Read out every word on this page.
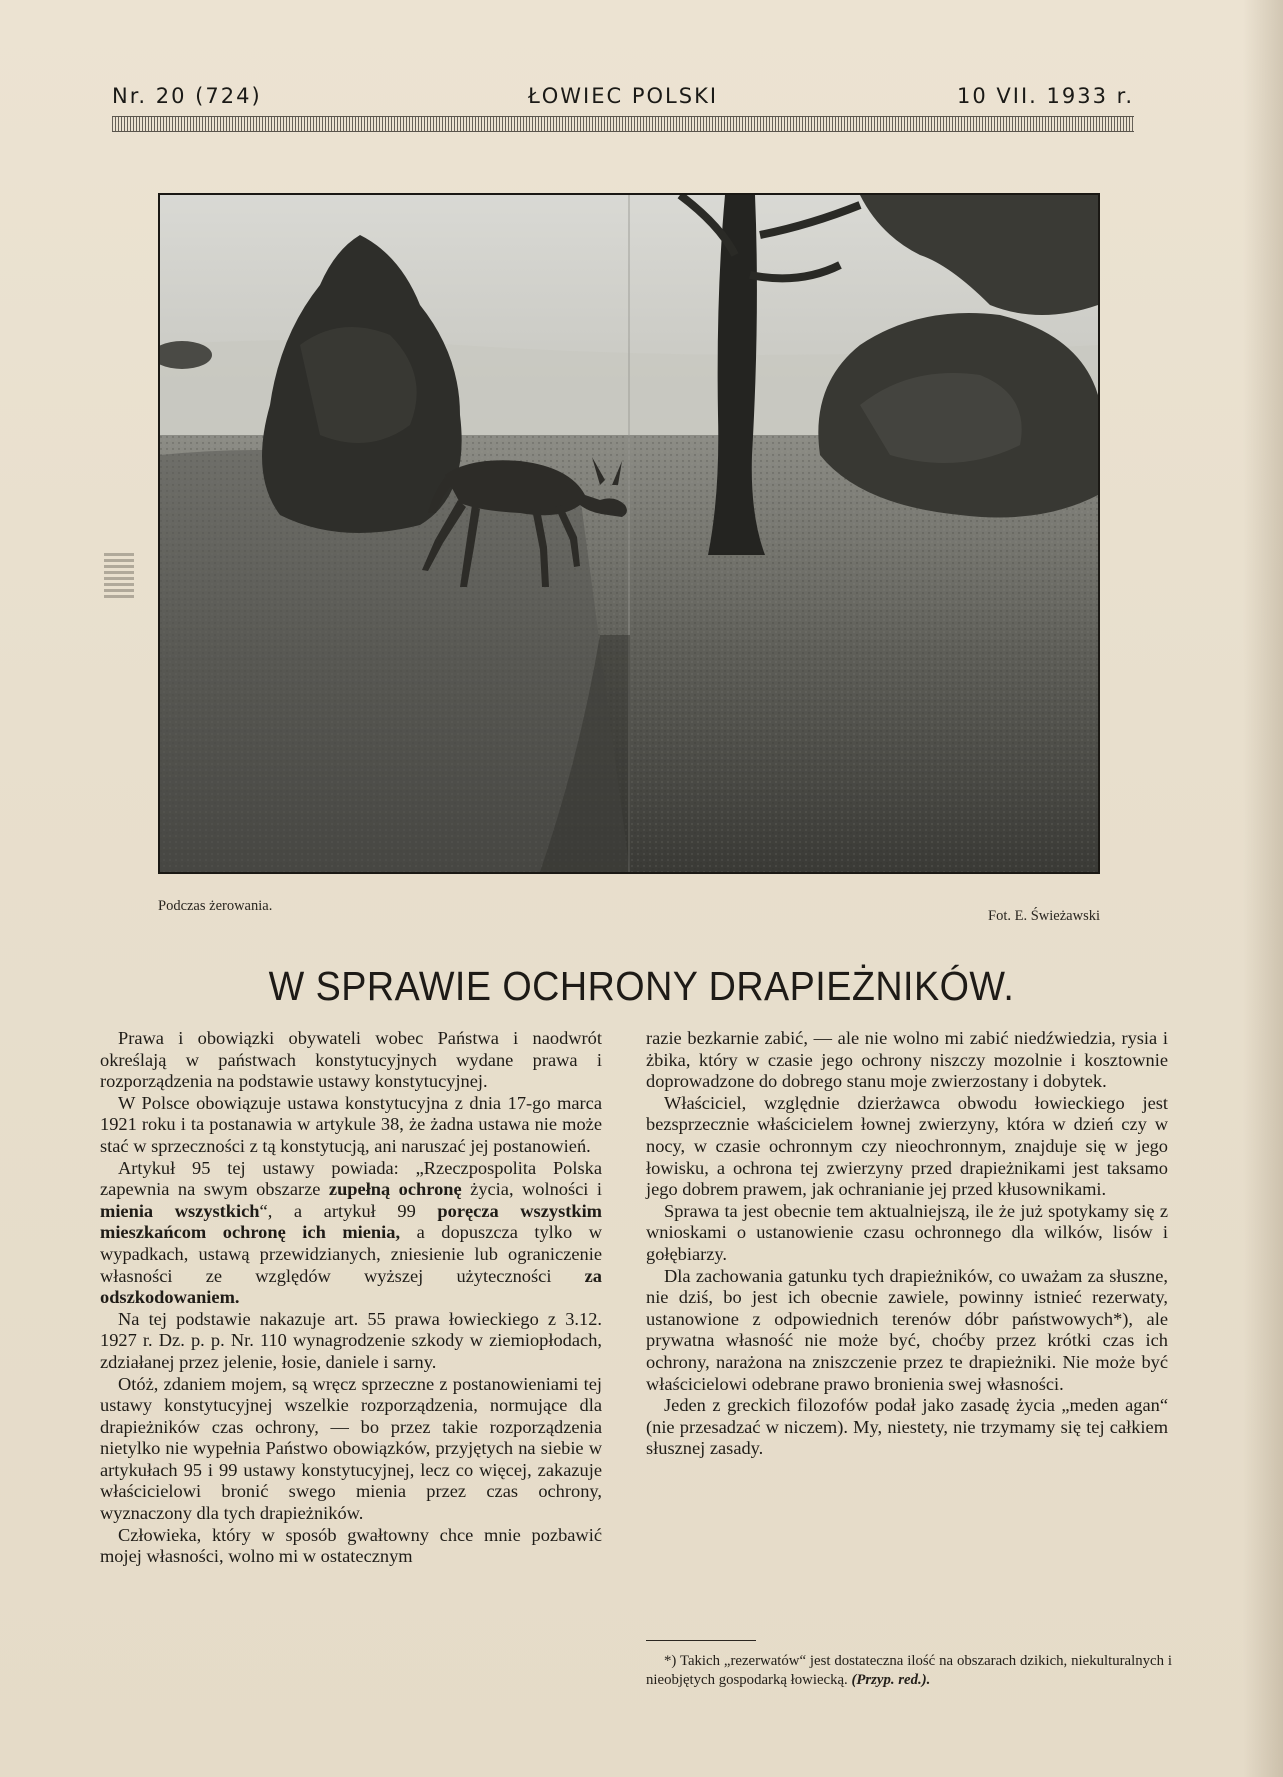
Nr. 20 (724)	ŁOWIEC POLSKI	10 VII. 1933 r.
Podczas żerowania.
Fot. E. Świeżawski
W SPRAWIE OCHRONY DRAPIEŻNIKÓW.

Prawa i obowiązki obywateli wobec Państwa i naodwrót określają w państwach konstytucyjnych wydane prawa i rozporządzenia na podstawie ustawy konstytucyjnej.

W Polsce obowiązuje ustawa konstytucyjna z dnia 17-go marca 1921 roku i ta postanawia w artykule 38, że żadna ustawa nie może stać w sprzeczności z tą konstytucją, ani naruszać jej postanowień.

Artykuł 95 tej ustawy powiada: „Rzeczpospolita Polska zapewnia na swym obszarze zupełną ochronę życia, wolności i mienia wszystkich“, a artykuł 99 poręcza wszystkim mieszkańcom ochronę ich mienia, a dopuszcza tylko w wypadkach, ustawą przewidzianych, zniesienie lub ograniczenie własności ze względów wyższej użyteczności za odszkodowaniem.

Na tej podstawie nakazuje art. 55 prawa łowieckiego z 3.12. 1927 r. Dz. p. p. Nr. 110 wynagrodzenie szkody w ziemiopłodach, zdziałanej przez jelenie, łosie, daniele i sarny.

Otóż, zdaniem mojem, są wręcz sprzeczne z postanowieniami tej ustawy konstytucyjnej wszelkie rozporządzenia, normujące dla drapieżników czas ochrony, — bo przez takie rozporządzenia nietylko nie wypełnia Państwo obowiązków, przyjętych na siebie w artykułach 95 i 99 ustawy konstytucyjnej, lecz co więcej, zakazuje właścicielowi bronić swego mienia przez czas ochrony, wyznaczony dla tych drapieżników.

Człowieka, który w sposób gwałtowny chce mnie pozbawić mojej własności, wolno mi w ostatecznym

razie bezkarnie zabić, — ale nie wolno mi zabić niedźwiedzia, rysia i żbika, który w czasie jego ochrony niszczy mozolnie i kosztownie doprowadzone do dobrego stanu moje zwierzostany i dobytek.

Właściciel, względnie dzierżawca obwodu łowieckiego jest bezsprzecznie właścicielem łownej zwierzyny, która w dzień czy w nocy, w czasie ochronnym czy nieochronnym, znajduje się w jego łowisku, a ochrona tej zwierzyny przed drapieżnikami jest taksamo jego dobrem prawem, jak ochranianie jej przed kłusownikami.

Sprawa ta jest obecnie tem aktualniejszą, ile że już spotykamy się z wnioskami o ustanowienie czasu ochronnego dla wilków, lisów i gołębiarzy.

Dla zachowania gatunku tych drapieżników, co uważam za słuszne, nie dziś, bo jest ich obecnie zawiele, powinny istnieć rezerwaty, ustanowione z odpowiednich terenów dóbr państwowych*), ale prywatna własność nie może być, choćby przez krótki czas ich ochrony, narażona na zniszczenie przez te drapieżniki. Nie może być właścicielowi odebrane prawo bronienia swej własności.

Jeden z greckich filozofów podał jako zasadę życia „meden agan“ (nie przesadzać w niczem). My, niestety, nie trzymamy się tej całkiem słusznej zasady.

*) Takich „rezerwatów“ jest dostateczna ilość na obszarach dzikich, niekulturalnych i nieobjętych gospodarką łowiecką. (Przyp. red.).
